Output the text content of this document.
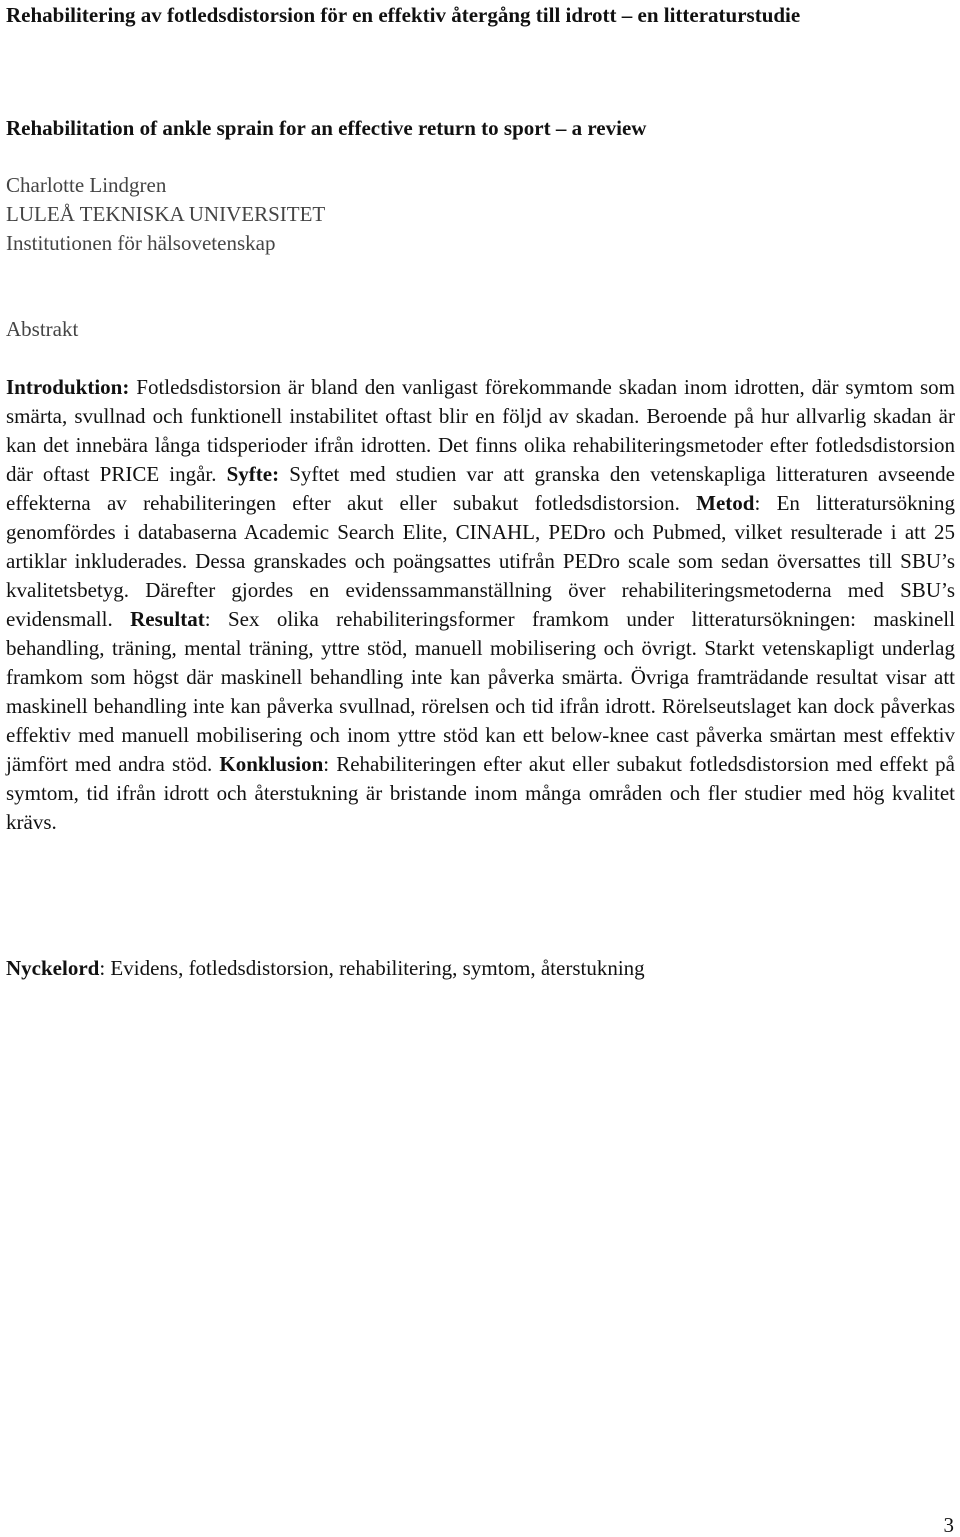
Rehabilitering av fotledsdistorsion för en effektiv återgång till idrott – en litteraturstudie
Rehabilitation of ankle sprain for an effective return to sport – a review
Charlotte Lindgren
LULEÅ TEKNISKA UNIVERSITET
Institutionen för hälsovetenskap
Abstrakt

Introduktion: Fotledsdistorsion är bland den vanligast förekommande skadan inom idrotten, där symtom som smärta, svullnad och funktionell instabilitet oftast blir en följd av skadan. Beroende på hur allvarlig skadan är kan det innebära långa tidsperioder ifrån idrotten. Det finns olika rehabiliteringsmetoder efter fotledsdistorsion där oftast PRICE ingår. Syfte: Syftet med studien var att granska den vetenskapliga litteraturen avseende effekterna av rehabiliteringen efter akut eller subakut fotledsdistorsion. Metod: En litteratursökning genomfördes i databaserna Academic Search Elite, CINAHL, PEDro och Pubmed, vilket resulterade i att 25 artiklar inkluderades. Dessa granskades och poängsattes utifrån PEDro scale som sedan översattes till SBU’s kvalitetsbetyg. Därefter gjordes en evidenssammanställning över rehabiliteringsmetoderna med SBU’s evidensmall. Resultat: Sex olika rehabiliteringsformer framkom under litteratursökningen: maskinell behandling, träning, mental träning, yttre stöd, manuell mobilisering och övrigt. Starkt vetenskapligt underlag framkom som högst där maskinell behandling inte kan påverka smärta. Övriga framträdande resultat visar att maskinell behandling inte kan påverka svullnad, rörelsen och tid ifrån idrott. Rörelseutslaget kan dock påverkas effektiv med manuell mobilisering och inom yttre stöd kan ett below-knee cast påverka smärtan mest effektiv jämfört med andra stöd. Konklusion: Rehabiliteringen efter akut eller subakut fotledsdistorsion med effekt på symtom, tid ifrån idrott och återstukning är bristande inom många områden och fler studier med hög kvalitet krävs.

Nyckelord: Evidens, fotledsdistorsion, rehabilitering, symtom, återstukning

3
